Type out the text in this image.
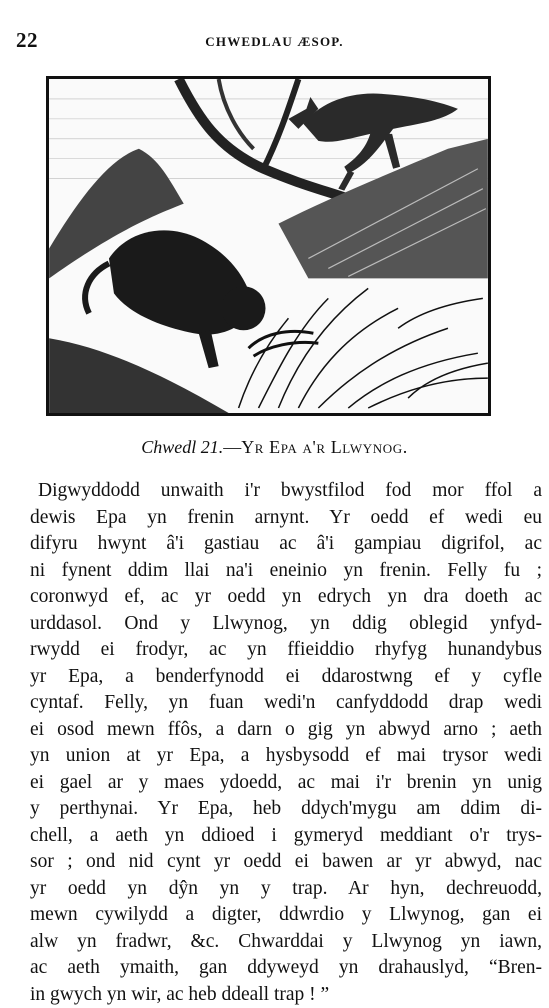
22	CHWEDLAU ÆSOP.
Chwedl 21.—Yr Epa a'r Llwynog.
Digwyddodd unwaith i'r bwystfilod fod mor ffol a
dewis Epa yn frenin arnynt. Yr oedd ef wedi eu
difyru hwynt â'i gastiau ac â'i gampiau digrifol, ac
ni fynent ddim llai na'i eneinio yn frenin. Felly fu ;
coronwyd ef, ac yr oedd yn edrych yn dra doeth ac
urddasol. Ond y Llwynog, yn ddig oblegid ynfyd-
rwydd ei frodyr, ac yn ffieiddio rhyfyg hunandybus
yr Epa, a benderfynodd ei ddarostwng ef y cyfle
cyntaf. Felly, yn fuan wedi'n canfyddodd drap wedi
ei osod mewn ffôs, a darn o gig yn abwyd arno ; aeth
yn union at yr Epa, a hysbysodd ef mai trysor wedi
ei gael ar y maes ydoedd, ac mai i'r brenin yn unig
y perthynai. Yr Epa, heb ddych'mygu am ddim di-
chell, a aeth yn ddioed i gymeryd meddiant o'r trys-
sor ; ond nid cynt yr oedd ei bawen ar yr abwyd, nac
yr oedd yn dŷn yn y trap. Ar hyn, dechreuodd,
mewn cywilydd a digter, ddwrdio y Llwynog, gan ei
alw yn fradwr, &c. Chwarddai y Llwynog yn iawn,
ac aeth ymaith, gan ddyweyd yn drahauslyd, “Bren-
in gwych yn wir, ac heb ddeall trap ! ”
